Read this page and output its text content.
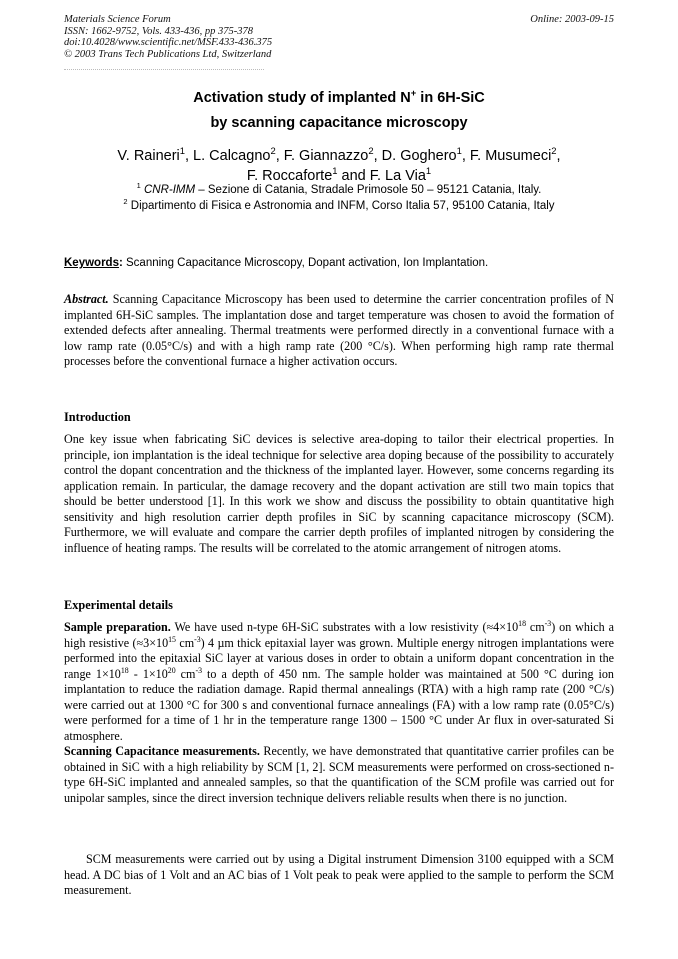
Materials Science Forum
ISSN: 1662-9752, Vols. 433-436, pp 375-378
doi:10.4028/www.scientific.net/MSF.433-436.375
© 2003 Trans Tech Publications Ltd, Switzerland
Online: 2003-09-15
Activation study of implanted N+ in 6H-SiC
by scanning capacitance microscopy
V. Raineri$^1$, L. Calcagno$^2$, F. Giannazzo$^2$, D. Goghero$^1$, F. Musumeci$^2$,
F. Roccaforte$^1$ and F. La Via$^1$
$^1$ CNR-IMM – Sezione di Catania, Stradale Primosole 50 – 95121 Catania, Italy.
$^2$ Dipartimento di Fisica e Astronomia and INFM, Corso Italia 57, 95100 Catania, Italy
Keywords: Scanning Capacitance Microscopy, Dopant activation, Ion Implantation.
Abstract. Scanning Capacitance Microscopy has been used to determine the carrier concentration profiles of N implanted 6H-SiC samples. The implantation dose and target temperature was chosen to avoid the formation of extended defects after annealing. Thermal treatments were performed directly in a conventional furnace with a low ramp rate (0.05°C/s) and with a high ramp rate (200 °C/s). When performing high ramp rate thermal processes before the conventional furnace a higher activation occurs.
Introduction
One key issue when fabricating SiC devices is selective area-doping to tailor their electrical properties. In principle, ion implantation is the ideal technique for selective area doping because of the possibility to accurately control the dopant concentration and the thickness of the implanted layer. However, some concerns regarding its application remain. In particular, the damage recovery and the dopant activation are still two main topics that should be better understood [1]. In this work we show and discuss the possibility to obtain quantitative high sensitivity and high resolution carrier depth profiles in SiC by scanning capacitance microscopy (SCM). Furthermore, we will evaluate and compare the carrier depth profiles of implanted nitrogen by considering the influence of heating ramps. The results will be correlated to the atomic arrangement of nitrogen atoms.
Experimental details
Sample preparation. We have used n-type 6H-SiC substrates with a low resistivity ($\approx 4\times 10^{18}$ $cm^{-3}$) on which a high resistive ($\approx 3\times 10^{15}$ $cm^{-3}$) 4 µm thick epitaxial layer was grown. Multiple energy nitrogen implantations were performed into the epitaxial SiC layer at various doses in order to obtain a uniform dopant concentration in the range $1\times 10^{18} - 1\times 10^{20}$ $cm^{-3}$ to a depth of 450 nm. The sample holder was maintained at 500 °C during ion implantation to reduce the radiation damage. Rapid thermal annealings (RTA) with a high ramp rate (200 °C/s) were carried out at 1300 °C for 300 s and conventional furnace annealings (FA) with a low ramp rate (0.05°C/s) were performed for a time of 1 hr in the temperature range 1300 – 1500 °C under Ar flux in over-saturated Si atmosphere.
Scanning Capacitance measurements. Recently, we have demonstrated that quantitative carrier profiles can be obtained in SiC with a high reliability by SCM [1, 2]. SCM measurements were performed on cross-sectioned n-type 6H-SiC implanted and annealed samples, so that the quantification of the SCM profile was carried out for unipolar samples, since the direct inversion technique delivers reliable results when there is no junction.
SCM measurements were carried out by using a Digital instrument Dimension 3100 equipped with a SCM head. A DC bias of 1 Volt and an AC bias of 1 Volt peak to peak were applied to the sample to perform the SCM measurement.
